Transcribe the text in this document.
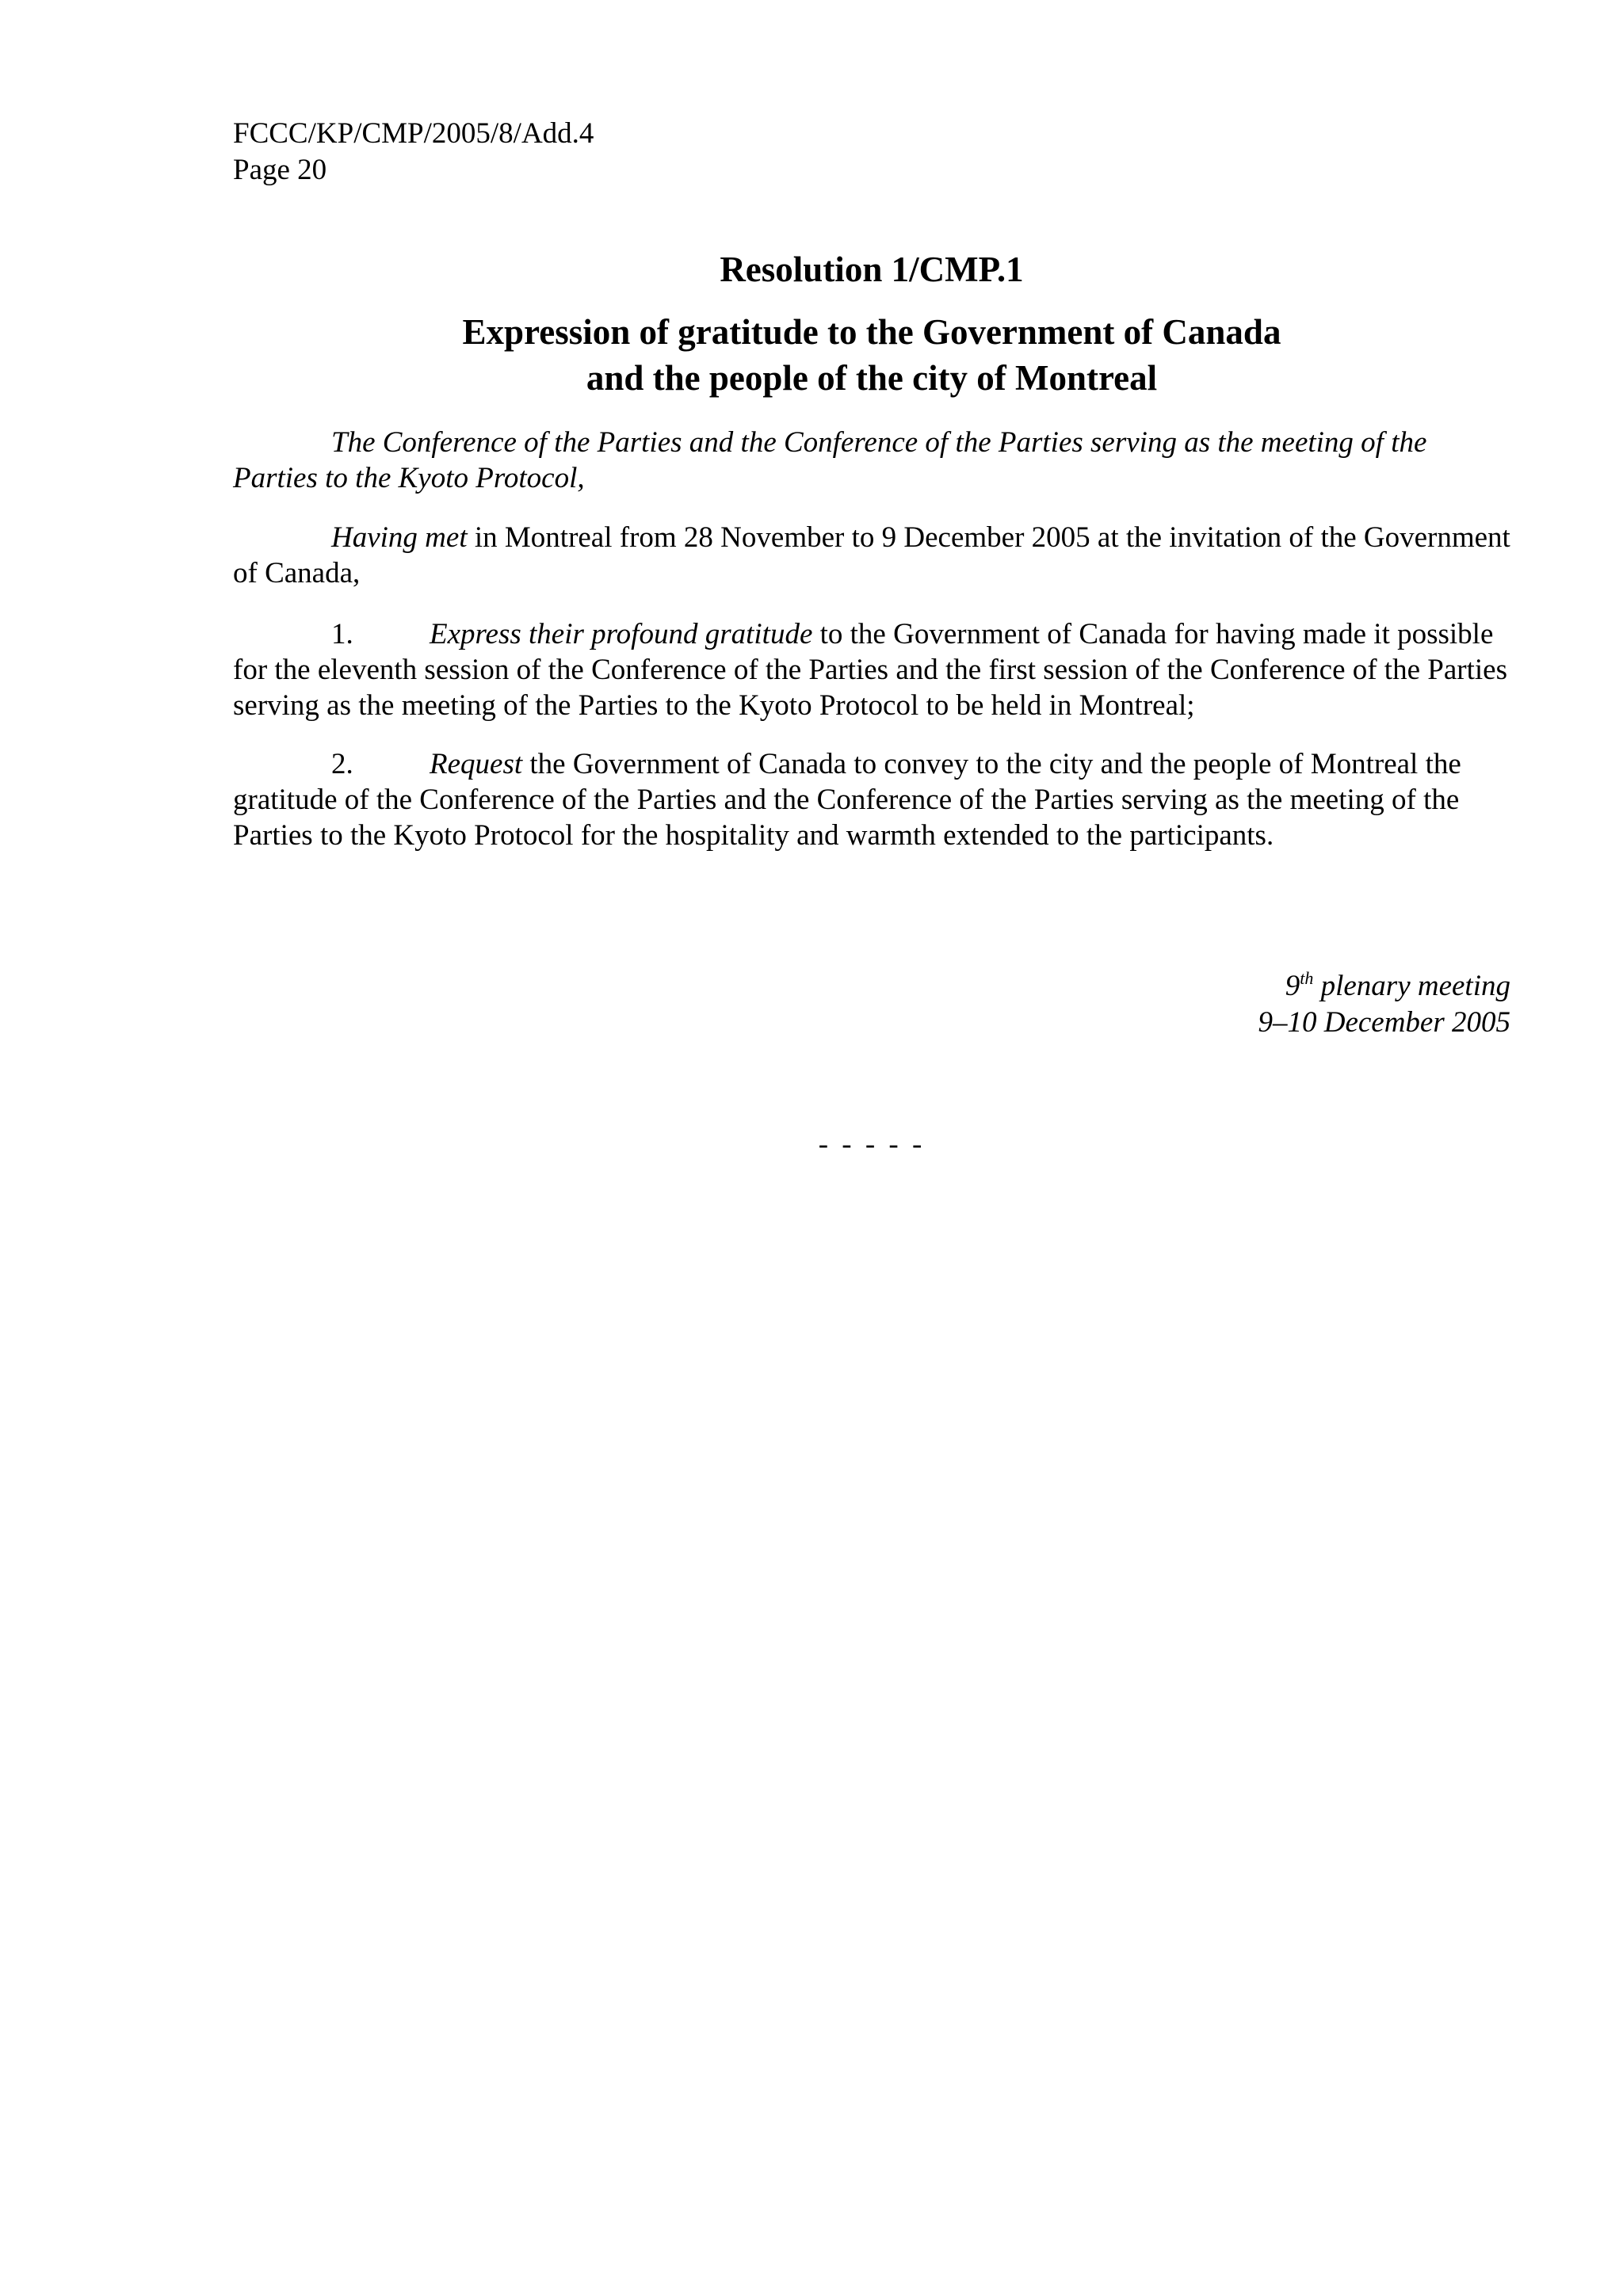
FCCC/KP/CMP/2005/8/Add.4
Page 20
Resolution 1/CMP.1
Expression of gratitude to the Government of Canada
and the people of the city of Montreal

The Conference of the Parties and the Conference of the Parties serving as the meeting of the Parties to the Kyoto Protocol,

Having met in Montreal from 28 November to 9 December 2005 at the invitation of the Government of Canada,

1.	Express their profound gratitude to the Government of Canada for having made it possible for the eleventh session of the Conference of the Parties and the first session of the Conference of the Parties serving as the meeting of the Parties to the Kyoto Protocol to be held in Montreal;

2.	Request the Government of Canada to convey to the city and the people of Montreal the gratitude of the Conference of the Parties and the Conference of the Parties serving as the meeting of the Parties to the Kyoto Protocol for the hospitality and warmth extended to the participants.

9th plenary meeting
9–10 December 2005
- - - - -
